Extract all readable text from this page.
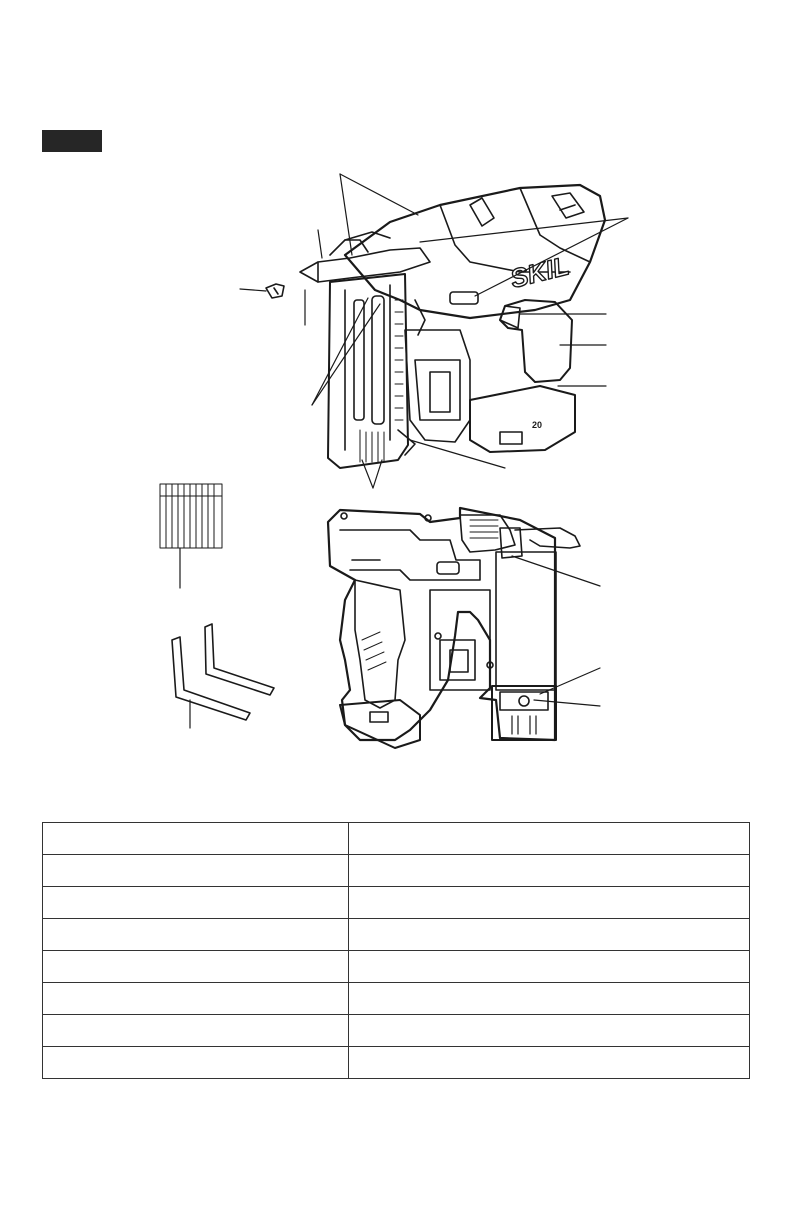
SKIL
20
